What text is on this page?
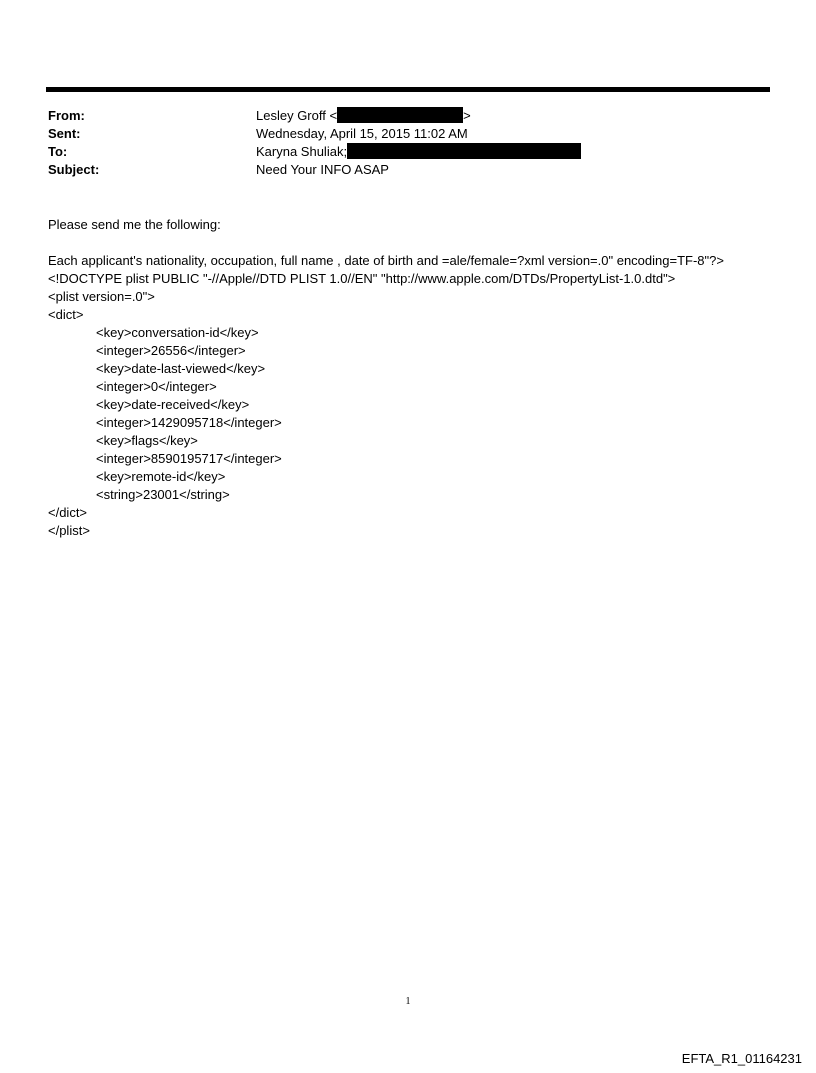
From:	Lesley Groff <	>
Sent:	Wednesday, April 15, 2015 11:02 AM
To:	Karyna Shuliak;
Subject:	Need Your INFO ASAP
Please send me the following:
Each applicant's nationality, occupation, full name , date of birth and =ale/female=?xml version=.0" encoding=TF-8"?>
<!DOCTYPE plist PUBLIC "-//Apple//DTD PLIST 1.0//EN" "http://www.apple.com/DTDs/PropertyList-1.0.dtd">
<plist version=.0">
<dict>
<key>conversation-id</key>
<integer>26556</integer>
<key>date-last-viewed</key>
<integer>0</integer>
<key>date-received</key>
<integer>1429095718</integer>
<key>flags</key>
<integer>8590195717</integer>
<key>remote-id</key>
<string>23001</string>
</dict>
</plist>
1
EFTA_R1_01164231
